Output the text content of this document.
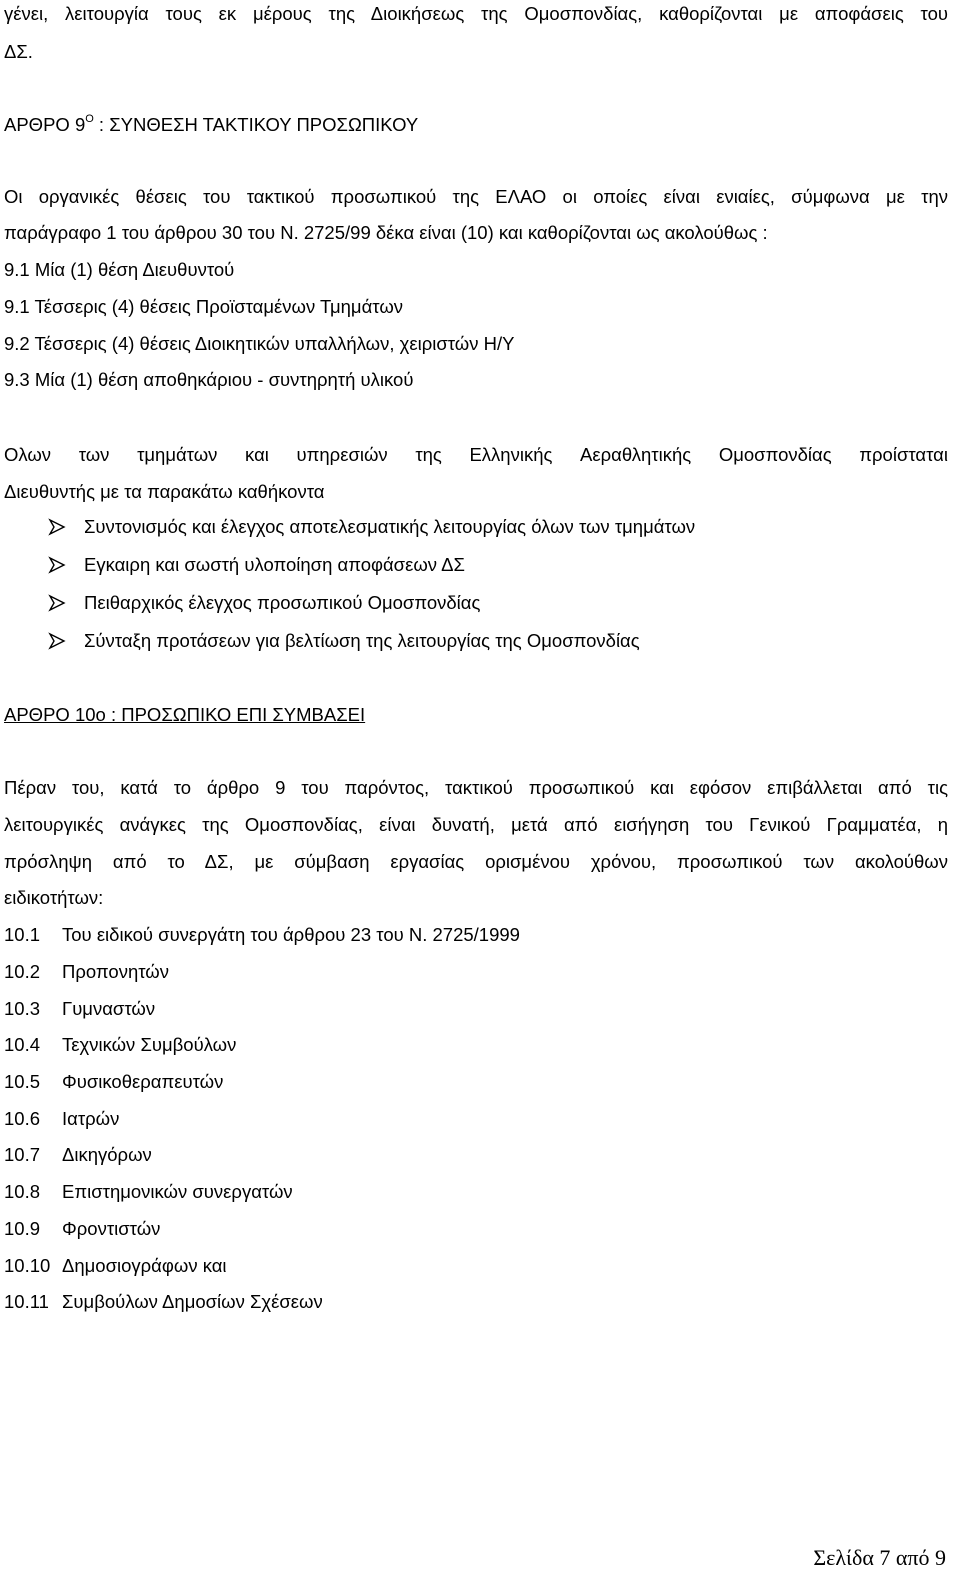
γένει, λειτουργία τους εκ μέρους της Διοικήσεως της Ομοσπονδίας, καθορίζονται με αποφάσεις του
ΔΣ.
ΑΡΘΡΟ $9^O$ : ΣΥΝΘΕΣΗ ΤΑΚΤΙΚΟΥ ΠΡΟΣΩΠΙΚΟΥ
Οι οργανικές θέσεις του τακτικού προσωπικού της ΕΛΑΟ οι οποίες είναι ενιαίες, σύμφωνα με την
παράγραφο 1 του άρθρου 30 του Ν. 2725/99 δέκα είναι (10) και καθορίζονται ως ακολούθως :
9.1 Μία (1) θέση Διευθυντού
9.1 Τέσσερις (4) θέσεις Προϊσταμένων Τμημάτων
9.2 Τέσσερις (4) θέσεις Διοικητικών υπαλλήλων, χειριστών Η/Υ
9.3 Μία (1) θέση αποθηκάριου - συντηρητή υλικού
Ολων των τμημάτων και υπηρεσιών της Ελληνικής Αεραθλητικής Ομοσπονδίας προίσταται
Διευθυντής με τα παρακάτω καθήκοντα
Συντονισμός και έλεγχος αποτελεσματικής λειτουργίας όλων των τμημάτων
Εγκαιρη και σωστή υλοποίηση αποφάσεων ΔΣ
Πειθαρχικός έλεγχος προσωπικού Ομοσπονδίας
Σύνταξη προτάσεων για βελτίωση της λειτουργίας της Ομοσπονδίας
ΑΡΘΡΟ 10ο : ΠΡΟΣΩΠΙΚΟ ΕΠΙ ΣΥΜΒΑΣΕΙ
Πέραν του, κατά το άρθρο 9 του παρόντος, τακτικού προσωπικού και εφόσον επιβάλλεται από τις
λειτουργικές ανάγκες της Ομοσπονδίας, είναι δυνατή, μετά από εισήγηση του Γενικού Γραμματέα, η
πρόσληψη από το ΔΣ, με σύμβαση εργασίας ορισμένου χρόνου, προσωπικού των ακολούθων
ειδικοτήτων:
10.1 Του ειδικού συνεργάτη του άρθρου 23 του Ν. 2725/1999
10.2 Προπονητών
10.3 Γυμναστών
10.4 Τεχνικών Συμβούλων
10.5 Φυσικοθεραπευτών
10.6 Ιατρών
10.7 Δικηγόρων
10.8 Επιστημονικών συνεργατών
10.9 Φροντιστών
10.10 Δημοσιογράφων και
10.11 Συμβούλων Δημοσίων Σχέσεων
Σελίδα 7 από 9
